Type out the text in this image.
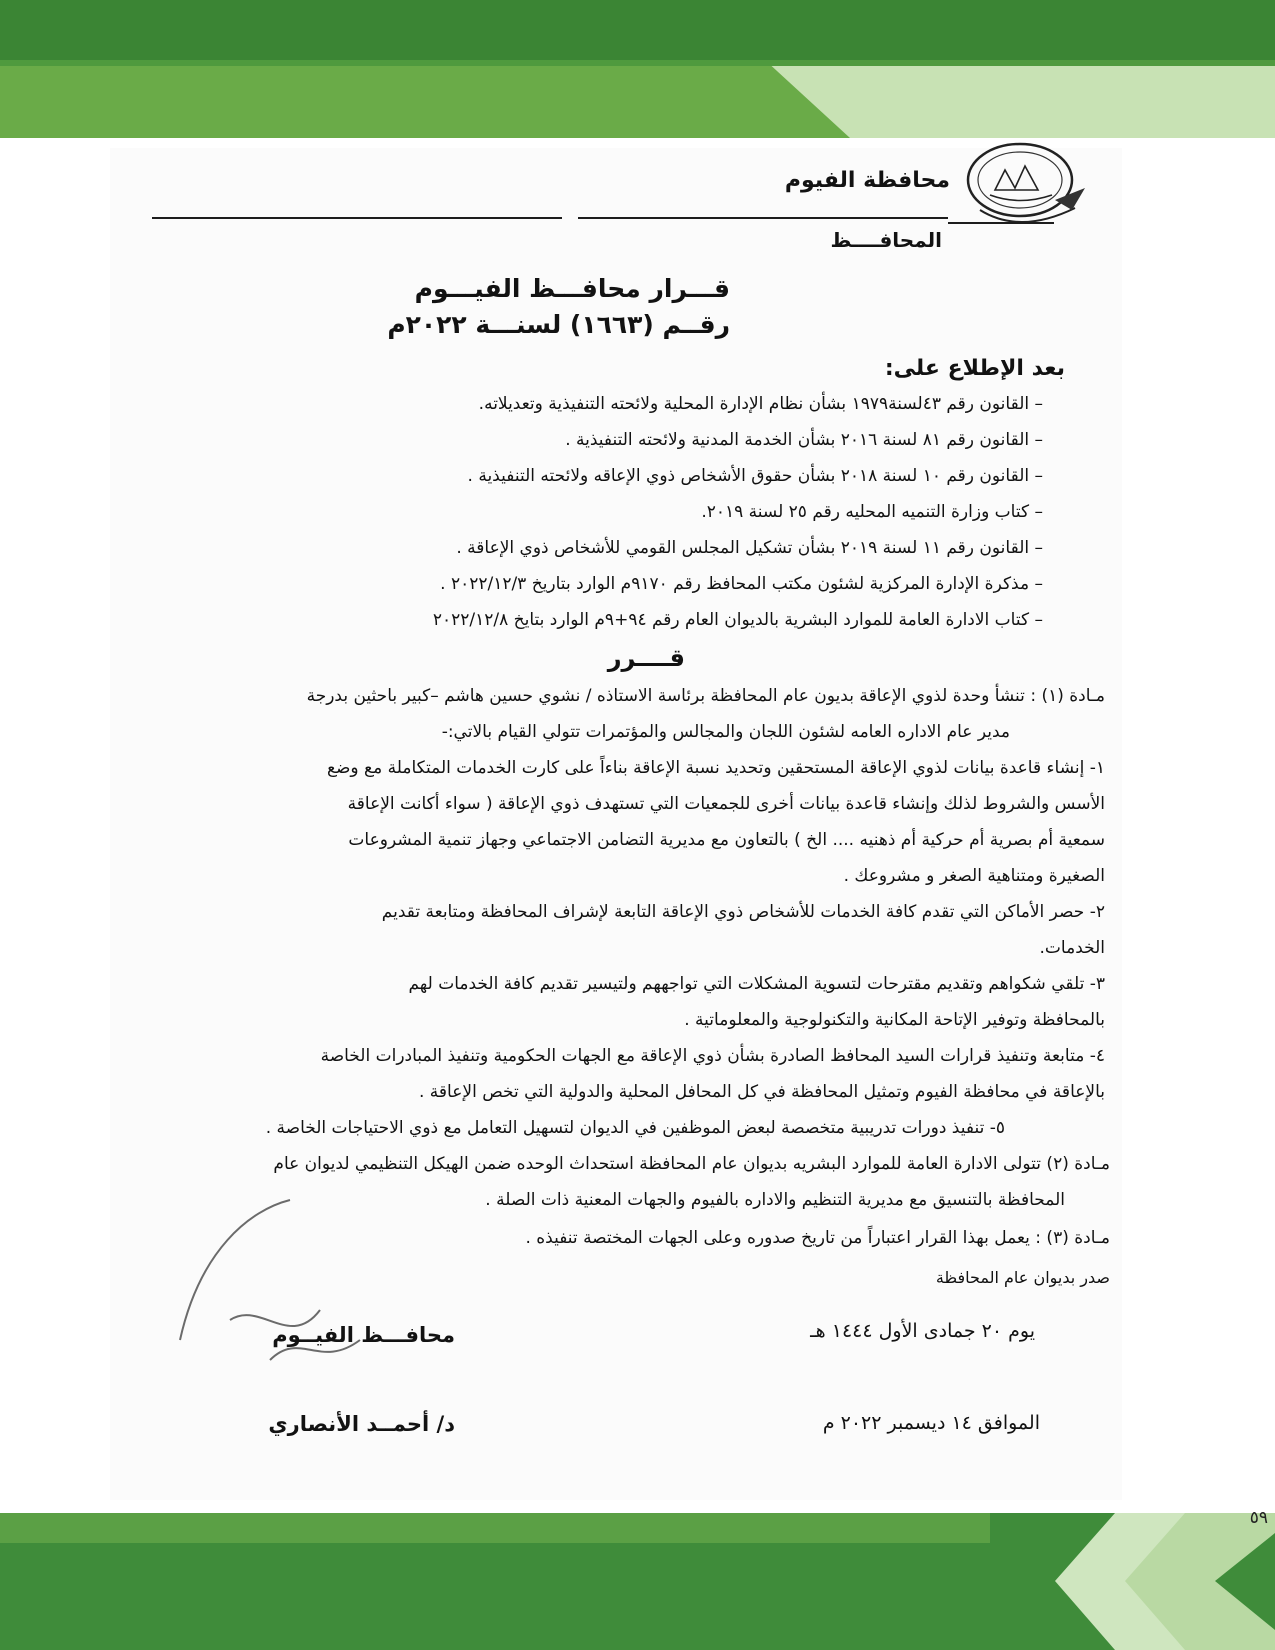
محافظة الفيوم
المحافــــظ
قـــرار محافـــظ الفيـــوم
رقــم (١٦٦٣) لسنـــة ٢٠٢٢م
بعد الإطلاع على:
– القانون رقم ٤٣لسنة١٩٧٩ بشأن نظام الإدارة المحلية ولائحته التنفيذية وتعديلاته.
– القانون رقم ٨١ لسنة ٢٠١٦ بشأن الخدمة المدنية ولائحته التنفيذية .
– القانون رقم ١٠ لسنة ٢٠١٨ بشأن حقوق الأشخاص ذوي الإعاقه ولائحته التنفيذية .
– كتاب وزارة التنميه المحليه رقم ٢٥ لسنة ٢٠١٩.
– القانون رقم ١١ لسنة ٢٠١٩ بشأن تشكيل المجلس القومي للأشخاص ذوي الإعاقة .
– مذكرة الإدارة المركزية لشئون مكتب المحافظ رقم ٩١٧٠م الوارد بتاريخ ٢٠٢٢/١٢/٣ .
– كتاب الادارة العامة للموارد البشرية بالديوان العام رقم ٩٤+٩م الوارد بتايخ ٢٠٢٢/١٢/٨
قــــرر
مـادة (١) : تنشأ وحدة لذوي الإعاقة بديون عام المحافظة برئاسة الاستاذه / نشوي حسين هاشم –كبير باحثين بدرجة
مدير عام الاداره العامه لشئون اللجان والمجالس والمؤتمرات تتولي القيام بالاتي:-
١- إنشاء قاعدة بيانات لذوي الإعاقة المستحقين وتحديد نسبة الإعاقة بناءاً على كارت الخدمات المتكاملة مع وضع
الأسس والشروط لذلك وإنشاء قاعدة بيانات أخرى للجمعيات التي تستهدف ذوي الإعاقة ( سواء أكانت الإعاقة
سمعية أم بصرية أم حركية أم ذهنيه .... الخ ) بالتعاون مع مديرية التضامن الاجتماعي وجهاز تنمية المشروعات
الصغيرة ومتناهية الصغر و مشروعك .
٢- حصر الأماكن التي تقدم كافة الخدمات للأشخاص ذوي الإعاقة التابعة لإشراف المحافظة ومتابعة تقديم
الخدمات.
٣- تلقي شكواهم وتقديم مقترحات لتسوية المشكلات التي تواجههم ولتيسير تقديم كافة الخدمات لهم
بالمحافظة وتوفير الإتاحة المكانية والتكنولوجية والمعلوماتية .
٤- متابعة وتنفيذ قرارات السيد المحافظ الصادرة بشأن ذوي الإعاقة مع الجهات الحكومية وتنفيذ المبادرات الخاصة
بالإعاقة في محافظة الفيوم وتمثيل المحافظة في كل المحافل المحلية والدولية التي تخص الإعاقة .
٥- تنفيذ دورات تدريبية متخصصة لبعض الموظفين في الديوان لتسهيل التعامل مع ذوي الاحتياجات الخاصة .
مـادة (٢) تتولى الادارة العامة للموارد البشريه بديوان عام المحافظة استحداث الوحده ضمن الهيكل التنظيمي لديوان عام
المحافظة بالتنسيق مع مديرية التنظيم والاداره بالفيوم والجهات المعنية ذات الصلة .
مـادة (٣) : يعمل بهذا القرار اعتباراً من تاريخ صدوره وعلى الجهات المختصة تنفيذه .
صدر بديوان عام المحافظة
يوم ٢٠ جمادى الأول ١٤٤٤ هـ
الموافق ١٤ ديسمبر ٢٠٢٢ م
محافـــظ الفيــوم
د/ أحمــد الأنصاري
٥٩
